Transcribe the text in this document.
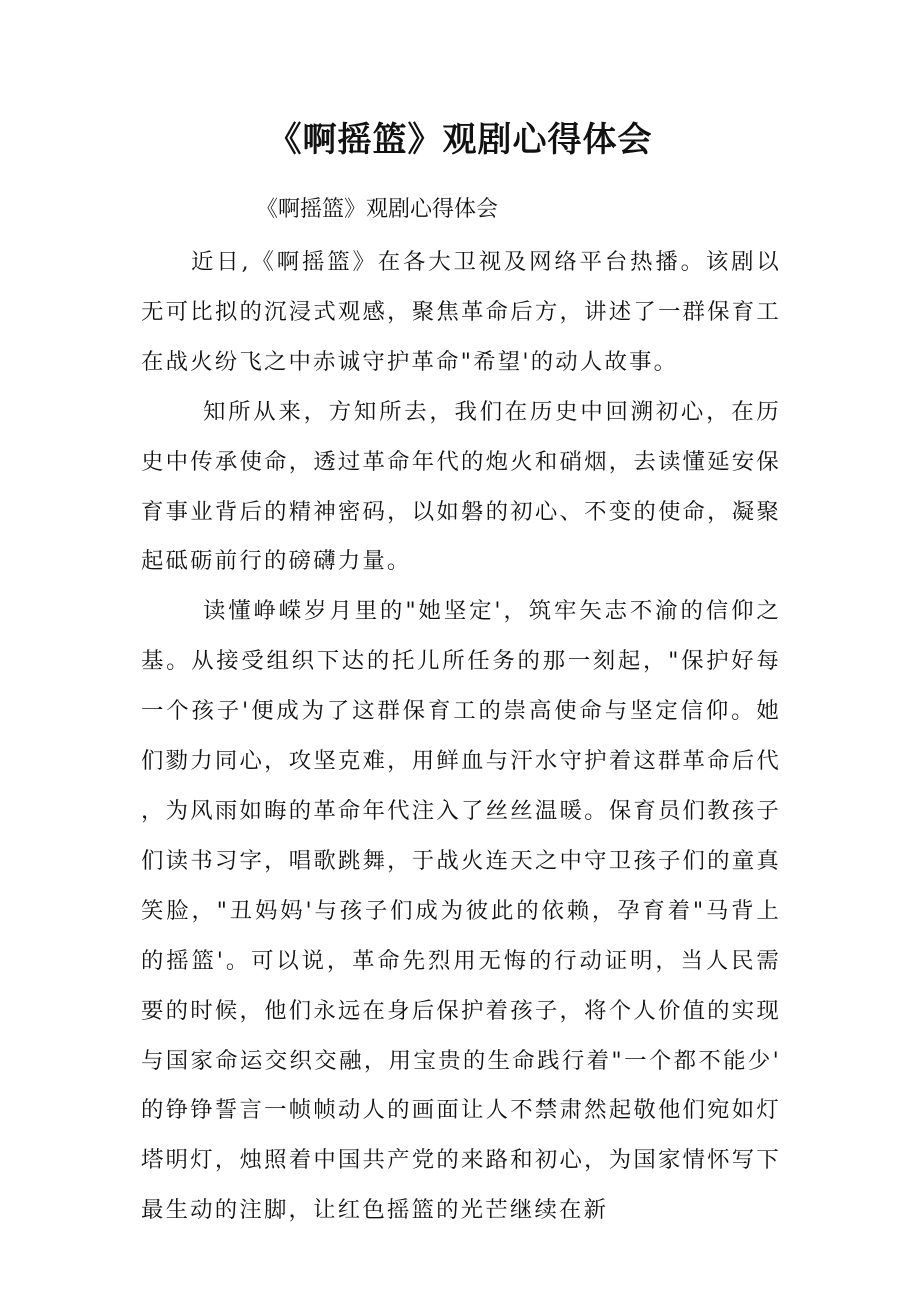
《啊摇篮》观剧心得体会

《啊摇篮》观剧心得体会

近日,《啊摇篮》在各大卫视及网络平台热播。该剧以无可比拟的沉浸式观感，聚焦革命后方，讲述了一群保育工在战火纷飞之中赤诚守护革命"希望'的动人故事。

知所从来，方知所去，我们在历史中回溯初心，在历史中传承使命，透过革命年代的炮火和硝烟，去读懂延安保育事业背后的精神密码，以如磐的初心、不变的使命，凝聚起砥砺前行的磅礴力量。

读懂峥嵘岁月里的"她坚定'，筑牢矢志不渝的信仰之基。从接受组织下达的托儿所任务的那一刻起，"保护好每一个孩子'便成为了这群保育工的崇高使命与坚定信仰。她们勠力同心，攻坚克难，用鲜血与汗水守护着这群革命后代，为风雨如晦的革命年代注入了丝丝温暖。保育员们教孩子们读书习字，唱歌跳舞，于战火连天之中守卫孩子们的童真笑脸，"丑妈妈'与孩子们成为彼此的依赖，孕育着"马背上的摇篮'。可以说，革命先烈用无悔的行动证明，当人民需要的时候，他们永远在身后保护着孩子，将个人价值的实现与国家命运交织交融，用宝贵的生命践行着"一个都不能少'的铮铮誓言一帧帧动人的画面让人不禁肃然起敬他们宛如灯塔明灯，烛照着中国共产党的来路和初心，为国家情怀写下最生动的注脚，让红色摇篮的光芒继续在新
